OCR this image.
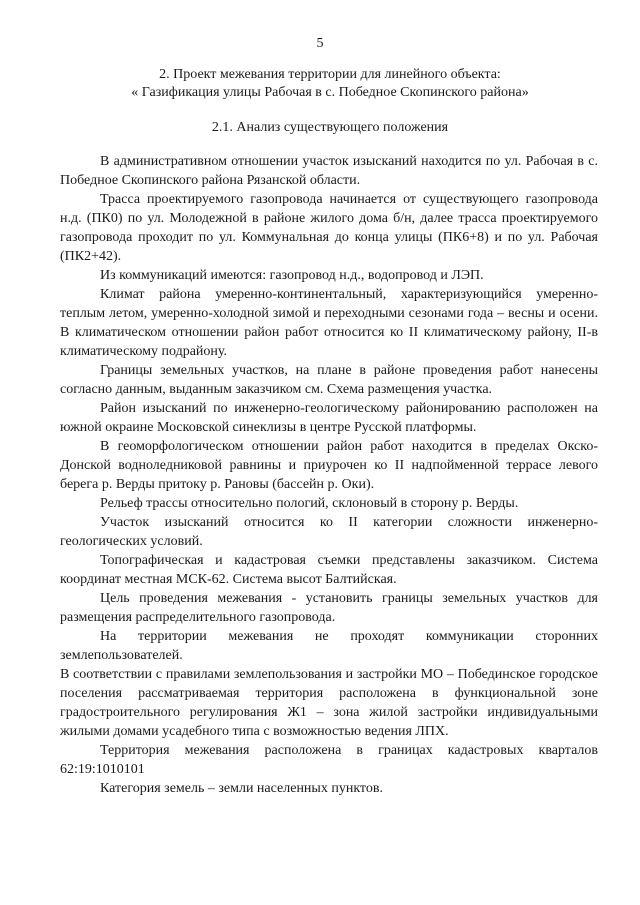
5
2. Проект межевания территории для линейного объекта:
« Газификация улицы Рабочая в с. Победное Скопинского района»
2.1. Анализ существующего положения

В административном отношении участок изысканий находится по ул. Рабочая в с. Победное Скопинского района Рязанской области.

Трасса проектируемого газопровода начинается от существующего газопровода н.д. (ПК0) по ул. Молодежной в районе жилого дома б/н, далее трасса проектируемого газопровода проходит по ул. Коммунальная до конца улицы (ПК6+8) и по ул. Рабочая (ПК2+42).

Из коммуникаций имеются: газопровод н.д., водопровод и ЛЭП.

Климат района умеренно-континентальный, характеризующийся умеренно-теплым летом, умеренно-холодной зимой и переходными сезонами года – весны и осени. В климатическом отношении район работ относится ко II климатическому району, II-в климатическому подрайону.

Границы земельных участков, на плане в районе проведения работ нанесены согласно данным, выданным заказчиком см. Схема размещения участка.

Район изысканий по инженерно-геологическому районированию расположен на южной окраине Московской синеклизы в центре Русской платформы.

В геоморфологическом отношении район работ находится в пределах Окско-Донской водноледниковой равнины и приурочен ко II надпойменной террасе левого берега р. Верды притоку р. Рановы (бассейн р. Оки).

Рельеф трассы относительно пологий, склоновый в сторону р. Верды.

Участок изысканий относится ко II категории сложности инженерно-геологических условий.

Топографическая и кадастровая съемки представлены заказчиком. Система координат местная МСК-62. Система высот Балтийская.

Цель проведения межевания - установить границы земельных участков для размещения распределительного газопровода.

На территории межевания не проходят коммуникации сторонних землепользователей.

В соответствии с правилами землепользования и застройки МО – Побединское городское поселения рассматриваемая территория расположена в функциональной зоне градостроительного регулирования Ж1 – зона жилой застройки индивидуальными жилыми домами усадебного типа с возможностью ведения ЛПХ.

Территория межевания расположена в границах кадастровых кварталов 62:19:1010101

Категория земель – земли населенных пунктов.
